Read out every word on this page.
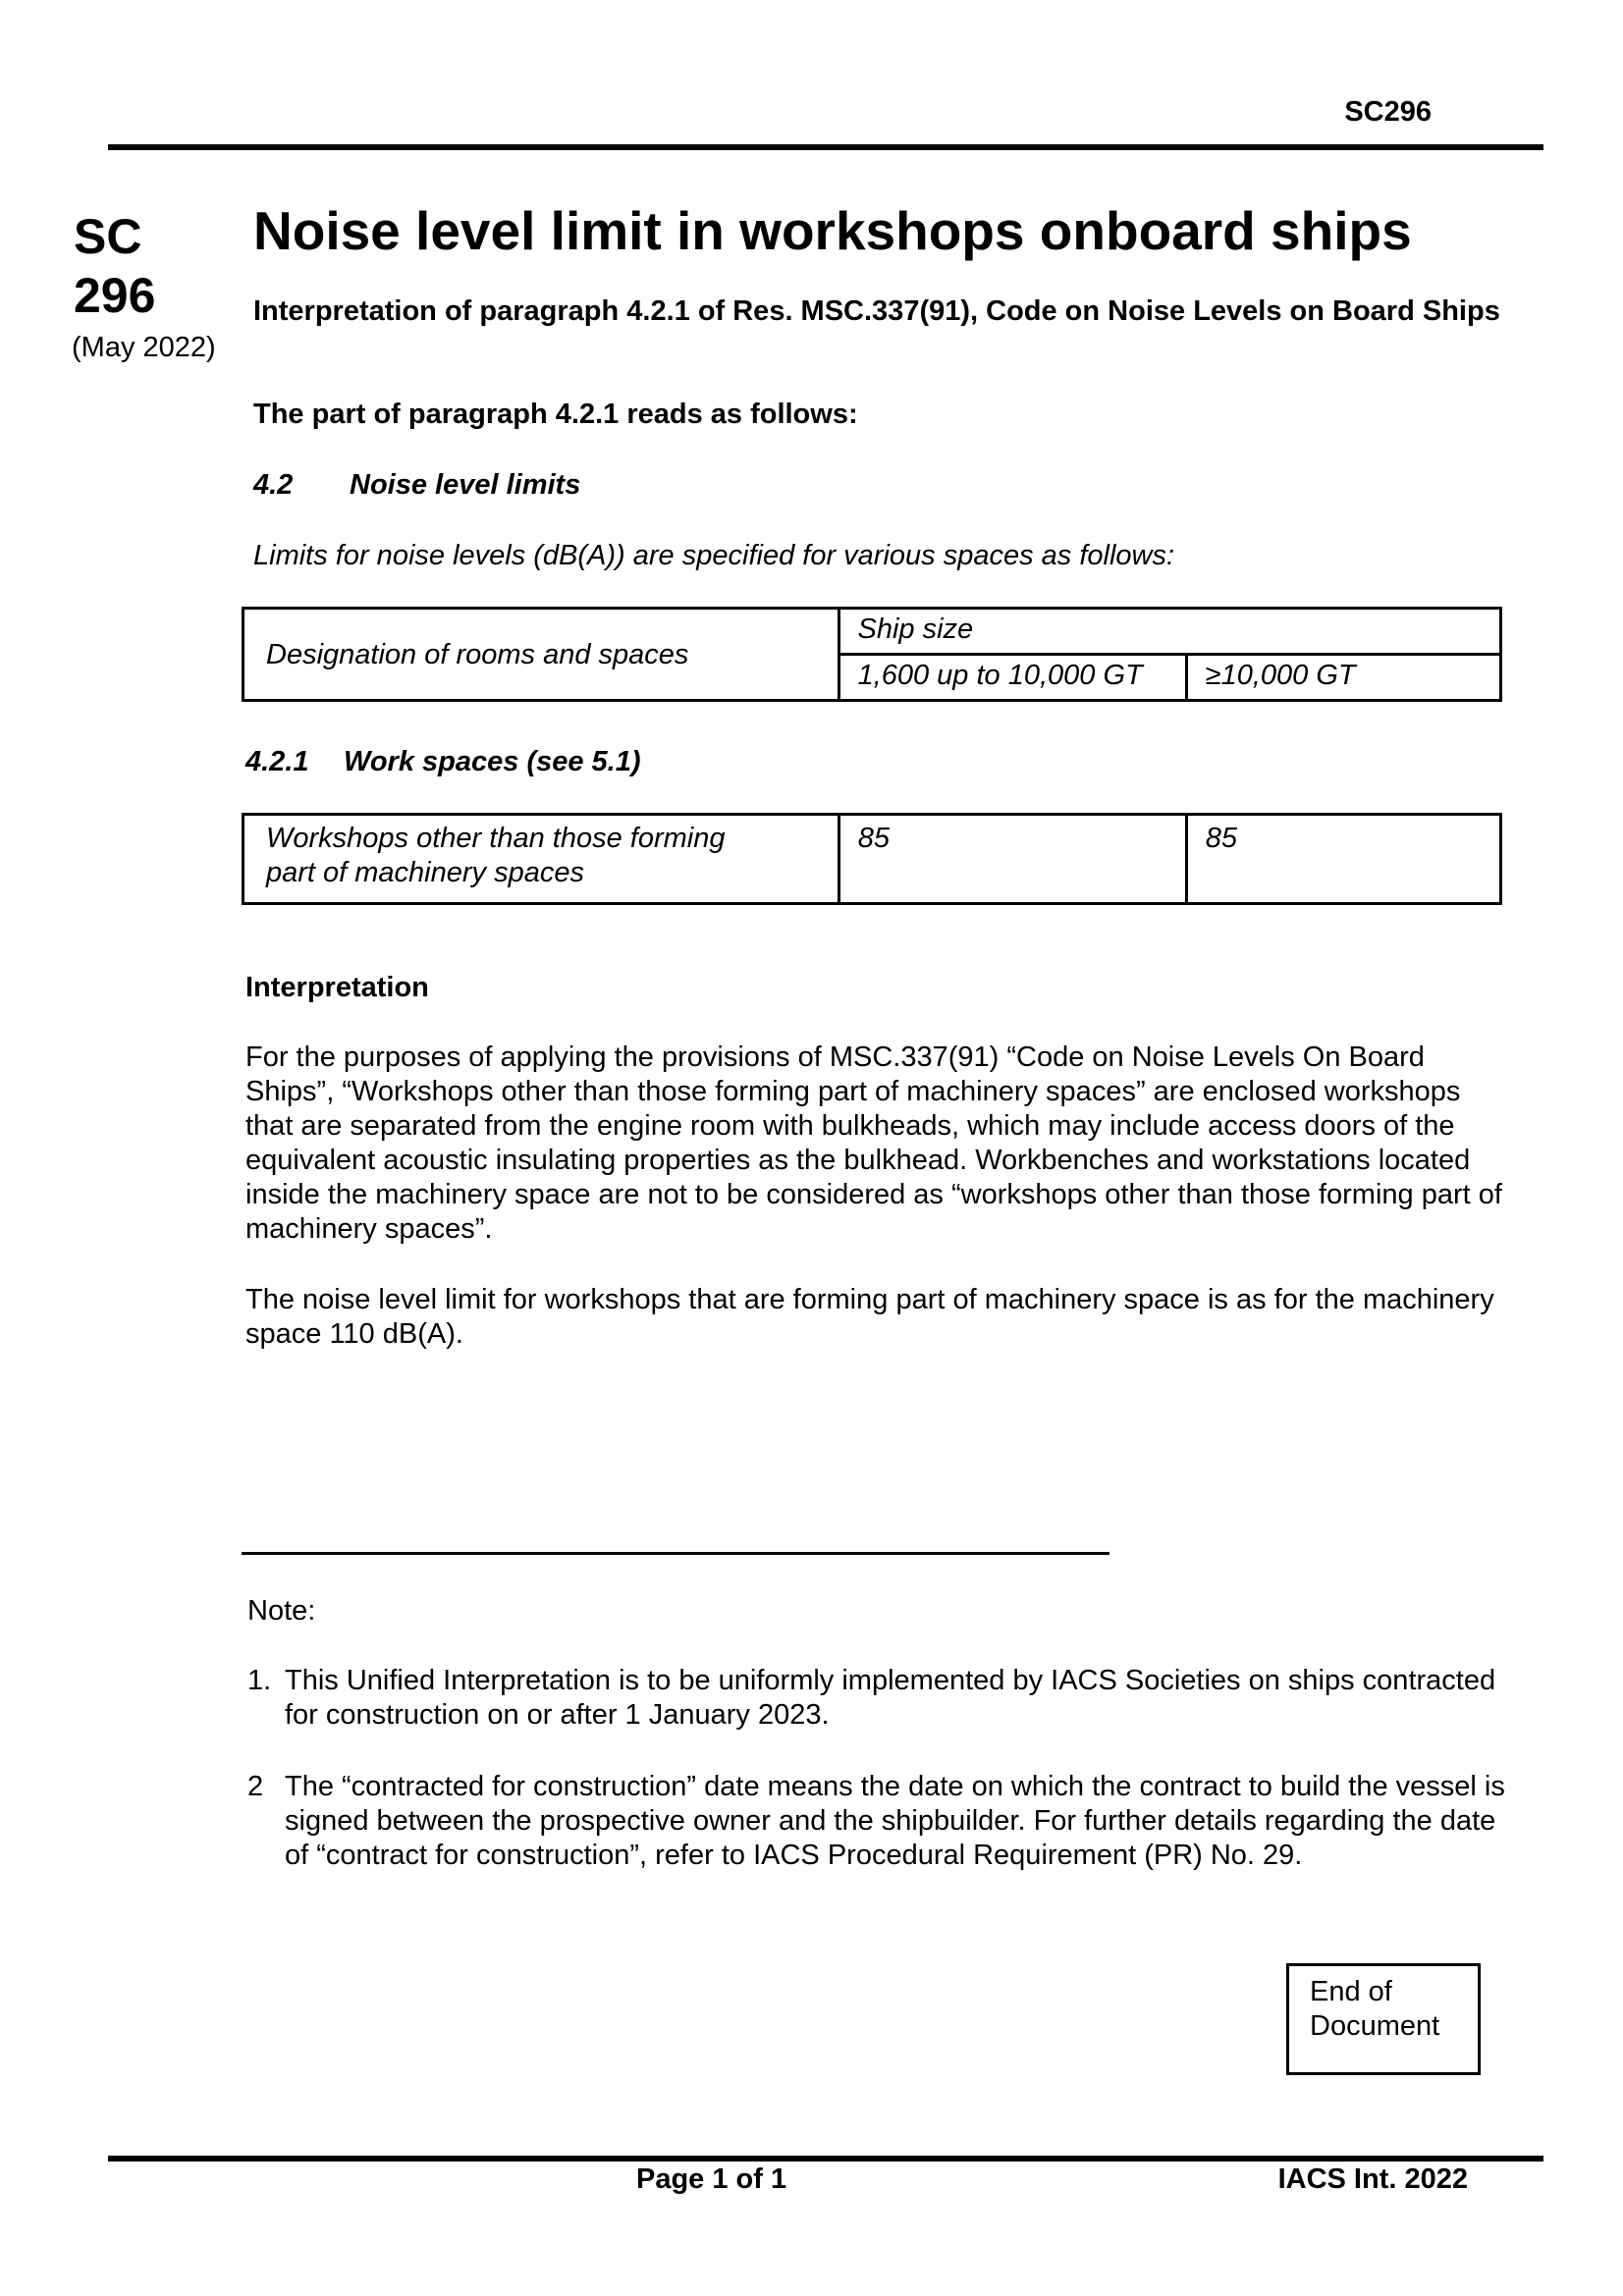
SC296
SC
296
(May 2022)
Noise level limit in workshops onboard ships
Interpretation of paragraph 4.2.1 of Res. MSC.337(91), Code on Noise Levels on Board Ships
The part of paragraph 4.2.1 reads as follows:
4.2 Noise level limits
Limits for noise levels (dB(A)) are specified for various spaces as follows:
Designation of rooms and spaces	Ship size	
	1,600 up to 10,000 GT	≥10,000 GT
4.2.1 Work spaces (see 5.1)
Workshops other than those forming
part of machinery spaces
	85	85
Interpretation
For the purposes of applying the provisions of MSC.337(91) “Code on Noise Levels On Board Ships”, “Workshops other than those forming part of machinery spaces” are enclosed workshops that are separated from the engine room with bulkheads, which may include access doors of the equivalent acoustic insulating properties as the bulkhead. Workbenches and workstations located inside the machinery space are not to be considered as “workshops other than those forming part of machinery spaces”.
The noise level limit for workshops that are forming part of machinery space is as for the machinery space 110 dB(A).
Note:
1. This Unified Interpretation is to be uniformly implemented by IACS Societies on ships contracted for construction on or after 1 January 2023.
2 The “contracted for construction” date means the date on which the contract to build the vessel is signed between the prospective owner and the shipbuilder. For further details regarding the date of “contract for construction”, refer to IACS Procedural Requirement (PR) No. 29.
End of Document
Page 1 of 1	IACS Int. 2022
